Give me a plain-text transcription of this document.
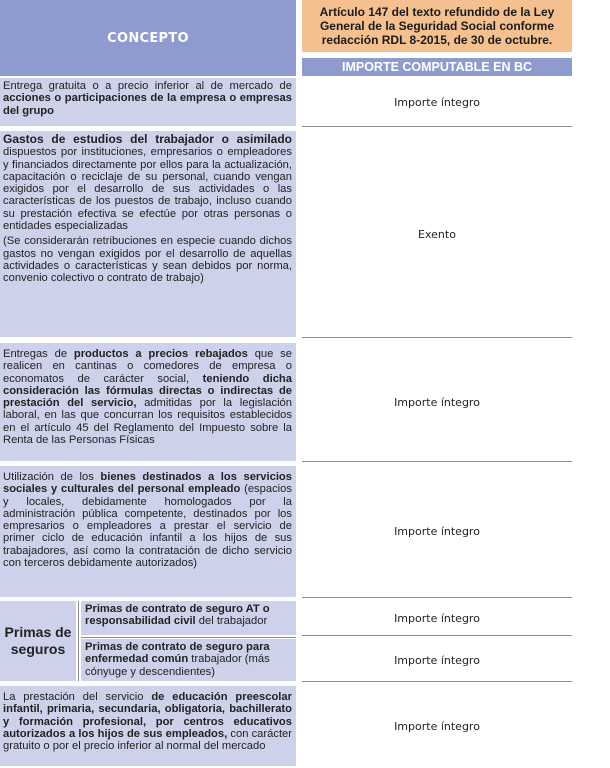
CONCEPTO
Artículo 147 del texto refundido de la Ley General de la Seguridad Social conforme redacción RDL 8-2015, de 30 de octubre.
IMPORTE COMPUTABLE EN BC
Entrega gratuita o a precio inferior al de mercado de acciones o participaciones de la empresa o empresas del grupo
Importe íntegro

Gastos de estudios del trabajador o asimilado dispuestos por instituciones, empresarios o empleadores y financiados directamente por ellos para la actualización, capacitación o reciclaje de su personal, cuando vengan exigidos por el desarrollo de sus actividades o las características de los puestos de trabajo, incluso cuando su prestación efectiva se efectúe por otras personas o entidades especializadas

(Se considerarán retribuciones en especie cuando dichos gastos no vengan exigidos por el desarrollo de aquellas actividades o características y sean debidos por norma, convenio colectivo o contrato de trabajo)

Exento
Entregas de productos a precios rebajados que se realicen en cantinas o comedores de empresa o economatos de carácter social, teniendo dicha consideración las fórmulas directas o indirectas de prestación del servicio, admitidas por la legislación laboral, en las que concurran los requisitos establecidos en el artículo 45 del Reglamento del Impuesto sobre la Renta de las Personas Físicas
Importe íntegro
Utilización de los bienes destinados a los servicios sociales y culturales del personal empleado (espacios y locales, debidamente homologados por la administración pública competente, destinados por los empresarios o empleadores a prestar el servicio de primer ciclo de educación infantil a los hijos de sus trabajadores, así como la contratación de dicho servicio con terceros debidamente autorizados)
Importe íntegro
Primas de seguros
Primas de contrato de seguro AT o responsabilidad civil del trabajador	Importe íntegro
Primas de contrato de seguro para enfermedad común trabajador (más cónyuge y descendientes)
Importe íntegro
La prestación del servicio de educación preescolar infantil, primaria, secundaria, obligatoria, bachillerato y formación profesional, por centros educativos autorizados a los hijos de sus empleados, con carácter gratuito o por el precio inferior al normal del mercado
Importe íntegro
